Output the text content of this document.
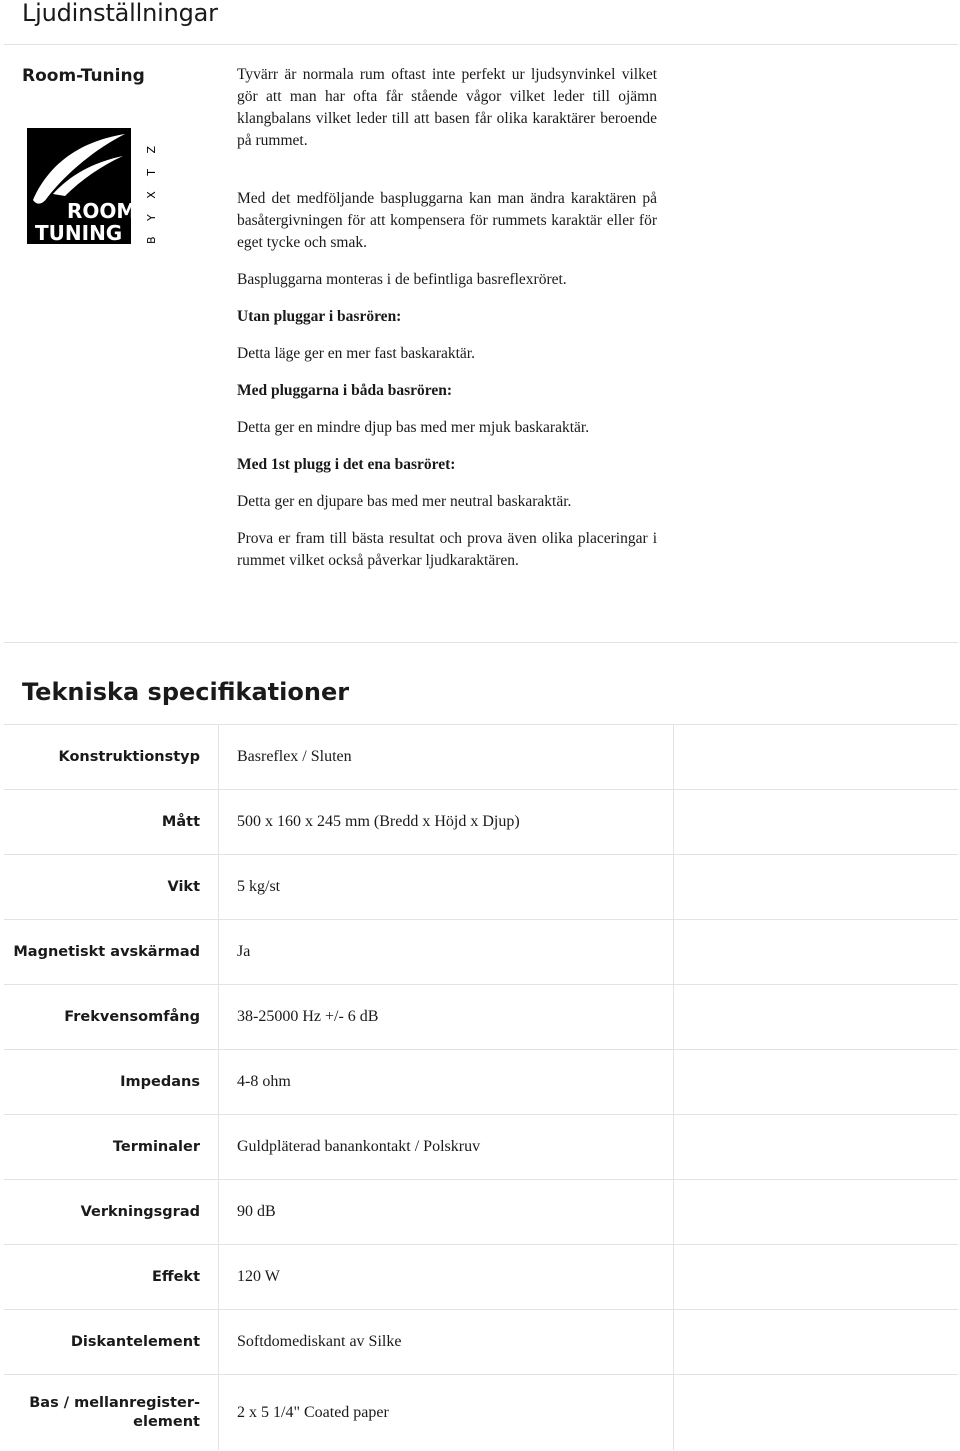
Ljudinställningar
Room-Tuning
ROOM
TUNING B Y X T Z

Tyvärr är normala rum oftast inte perfekt ur ljudsynvinkel vilket gör att man har ofta får stående vågor vilket leder till ojämn klangbalans vilket leder till att basen får olika karaktärer beroende på rummet.

Med det medföljande baspluggarna kan man ändra karaktären på basåtergivningen för att kompensera för rummets karaktär eller för eget tycke och smak.

Baspluggarna monteras i de befintliga basreflexröret.

Utan pluggar i basrören:

Detta läge ger en mer fast baskaraktär.

Med pluggarna i båda basrören:

Detta ger en mindre djup bas med mer mjuk baskaraktär.

Med 1st plugg i det ena basröret:

Detta ger en djupare bas med mer neutral baskaraktär.

Prova er fram till bästa resultat och prova även olika placeringar i rummet vilket också påverkar ljudkaraktären.

Tekniska specifikationer
Konstruktionstyp	Basreflex / Sluten	
Mått	500 x 160 x 245 mm (Bredd x Höjd x Djup)	
Vikt	5 kg/st	
Magnetiskt avskärmad	Ja	
Frekvensomfång	38-25000 Hz +/- 6 dB	
Impedans	4-8 ohm	
Terminaler	Guldpläterad banankontakt / Polskruv	
Verkningsgrad	90 dB	
Effekt	120 W	
Diskantelement	Softdomediskant av Silke	
Bas / mellanregister-element	2 x 5 1/4" Coated paper	
